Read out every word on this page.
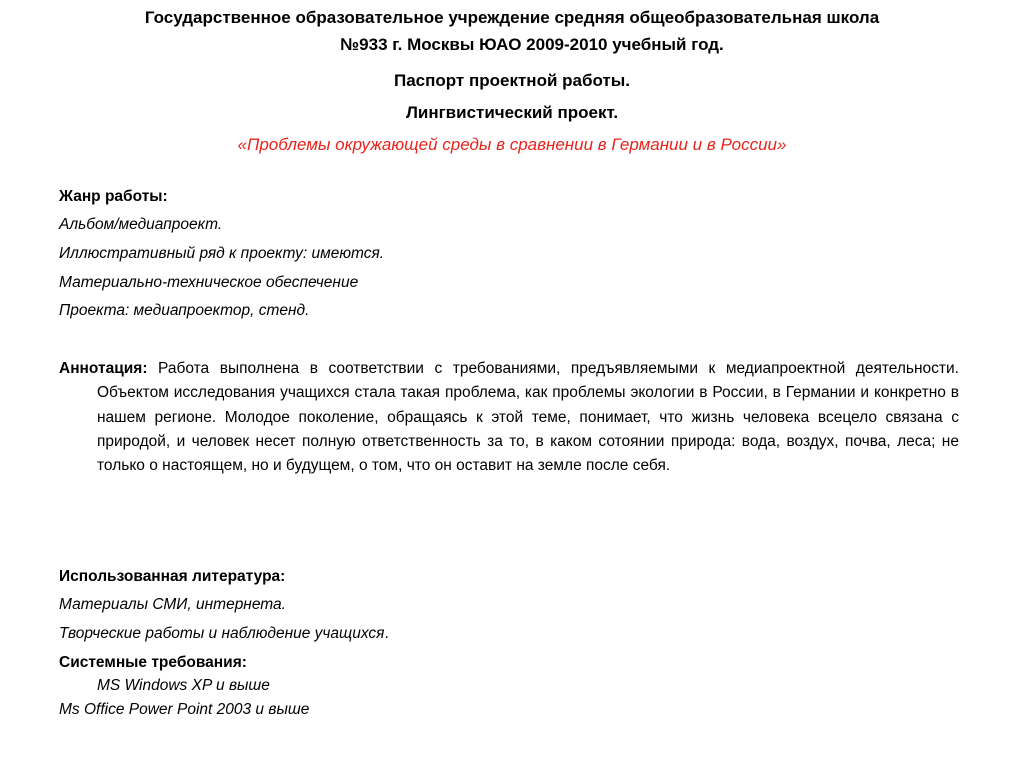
Государственное образовательное учреждение средняя общеобразовательная школа
№933 г. Москвы ЮАО 2009-2010 учебный год.
Паспорт проектной работы.
Лингвистический проект.
«Проблемы окружающей среды в сравнении в Германии и в России»
Жанр работы:
Альбом/медиапроект.
Иллюстративный ряд к проекту: имеются.
Материально-техническое обеспечение
Проекта: медиапроектор, стенд.
Аннотация: Работа выполнена в соответствии с требованиями, предъявляемыми к медиапроектной деятельности. Объектом исследования учащихся стала такая проблема, как проблемы экологии в России, в Германии и конкретно в нашем регионе. Молодое поколение, обращаясь к этой теме, понимает, что жизнь человека всецело связана с природой, и человек несет полную ответственность за то, в каком сотоянии природа: вода, воздух, почва, леса; не только о настоящем, но и будущем, о том, что он оставит на земле после себя.
Использованная литература:
Материалы СМИ, интернета.
Творческие работы и наблюдение учащихся.
Системные требования:
MS Windows XP и выше
Ms Office Power Point 2003 и выше
